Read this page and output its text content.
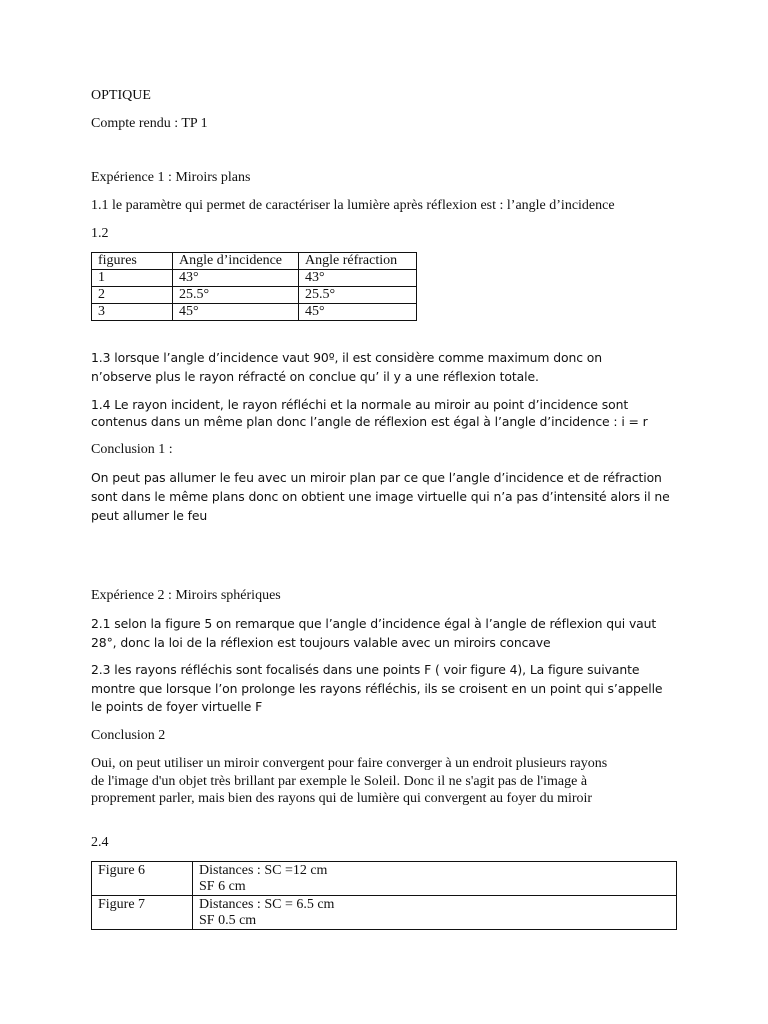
OPTIQUE

Compte rendu : TP 1

Expérience 1 : Miroirs plans

1.1 le paramètre qui permet de caractériser la lumière après réflexion est : l’angle d’incidence

1.2

figures	Angle d’incidence	Angle réfraction
1	43°	43°
2	25.5°	25.5°
3	45°	45°

1.3 lorsque l’angle d’incidence vaut 90º, il est considère comme maximum donc on

n’observe plus le rayon réfracté on conclue qu’ il y a une réflexion totale.

1.4 Le rayon incident, le rayon réfléchi et la normale au miroir au point d’incidence sont

contenus dans un même plan donc l’angle de réflexion est égal à l’angle d’incidence : i = r

Conclusion 1 :

On peut pas allumer le feu avec un miroir plan par ce que l’angle d’incidence et de réfraction

sont dans le même plans donc on obtient une image virtuelle qui n’a pas d’intensité alors il ne

peut allumer le feu

Expérience 2 : Miroirs sphériques

2.1 selon la figure 5 on remarque que l’angle d’incidence égal à l’angle de réflexion qui vaut

28°, donc la loi de la réflexion est toujours valable avec un miroirs concave

2.3 les rayons réfléchis sont focalisés dans une points F ( voir figure 4), La figure suivante

montre que lorsque l’on prolonge les rayons réfléchis, ils se croisent en un point qui s’appelle

le points de foyer virtuelle F

Conclusion 2

Oui, on peut utiliser un miroir convergent pour faire converger à un endroit plusieurs rayons

de l'image d'un objet très brillant par exemple le Soleil. Donc il ne s'agit pas de l'image à

proprement parler, mais bien des rayons qui de lumière qui convergent au foyer du miroir

2.4

Figure 6	Distances : SC =12 cm
SF 6 cm

Figure 7	Distances : SC = 6.5 cm
SF 0.5 cm
